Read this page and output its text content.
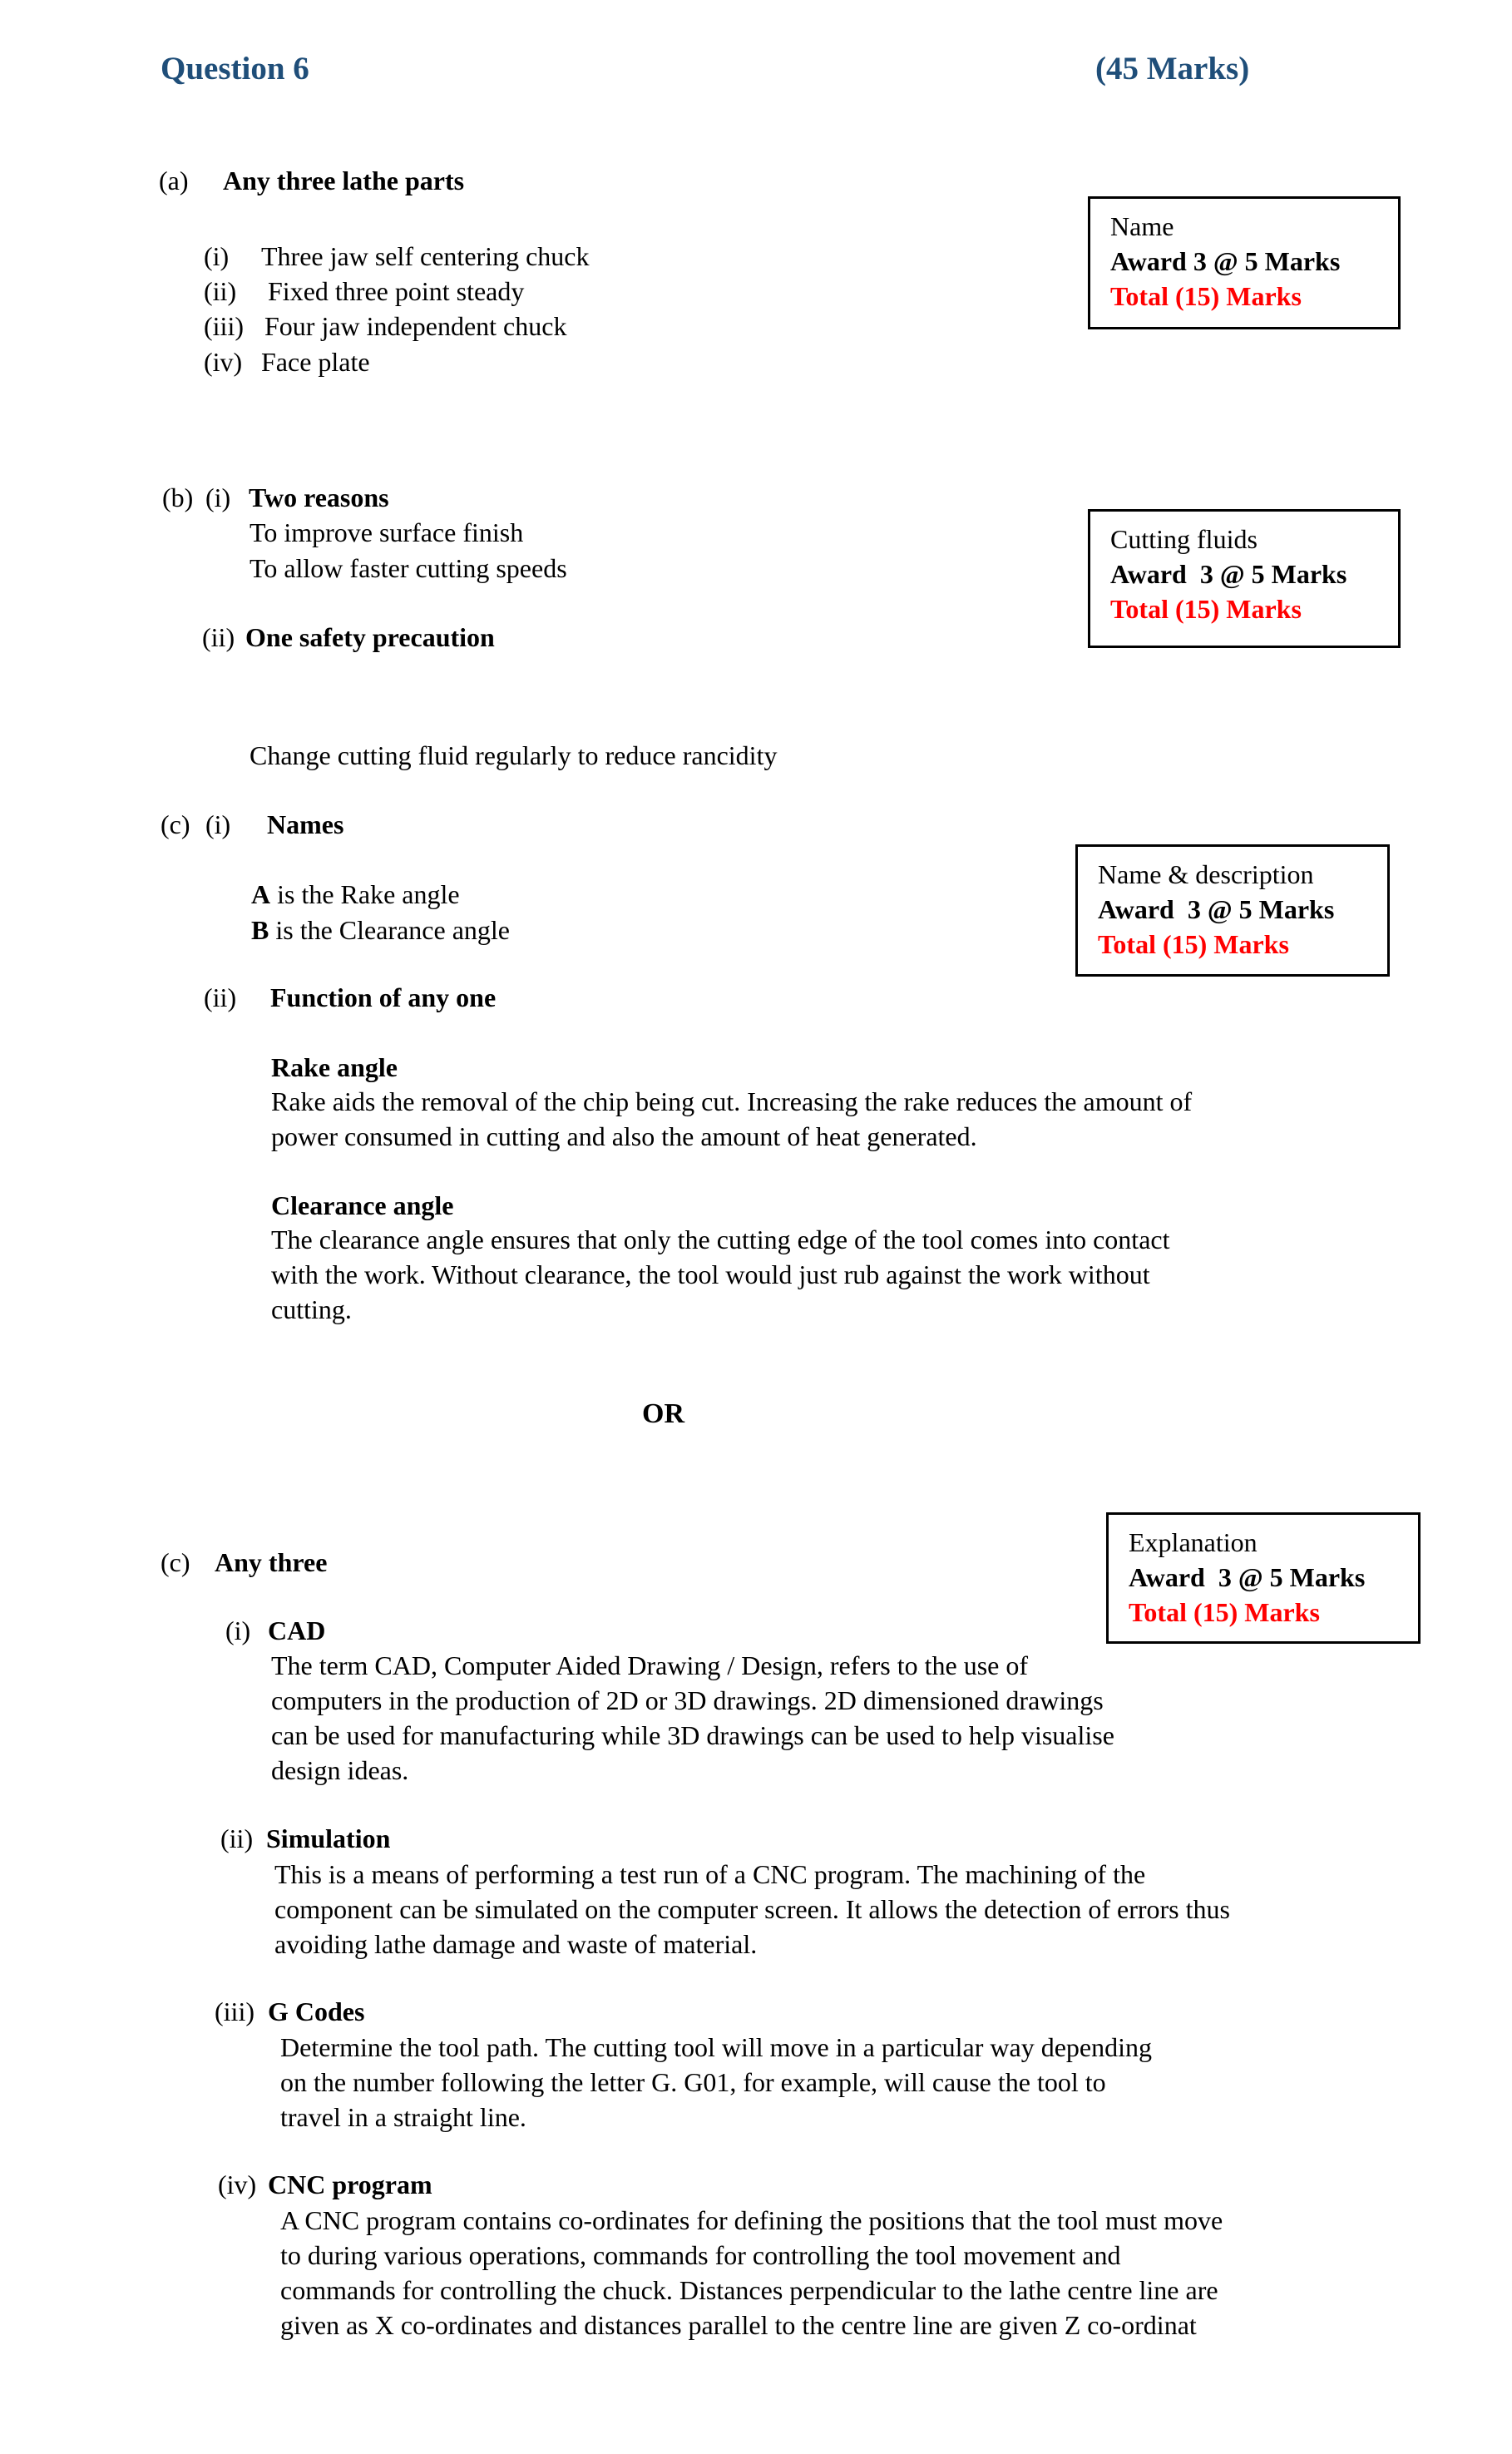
Question 6	(45 Marks)
(a) Any three lathe parts
(i) Three jaw self centering chuck
(ii) Fixed three point steady
(iii) Four jaw independent chuck
(iv) Face plate
Name
Award 3 @ 5 Marks
Total (15) Marks
(b) (i) Two reasons
To improve surface finish
To allow faster cutting speeds
(ii) One safety precaution
Cutting fluids
Award  3 @ 5 Marks
Total (15) Marks
Change cutting fluid regularly to reduce rancidity
(c) (i) Names
Name & description
Award  3 @ 5 Marks
Total (15) Marks
A is the Rake angle
B is the Clearance angle
(ii) Function of any one
Rake angle
Rake aids the removal of the chip being cut. Increasing the rake reduces the amount of power consumed in cutting and also the amount of heat generated.
Clearance angle
The clearance angle ensures that only the cutting edge of the tool comes into contact with the work. Without clearance, the tool would just rub against the work without cutting.
OR
Explanation
Award  3 @ 5 Marks
Total (15) Marks
(c) Any three
(i) CAD
The term CAD, Computer Aided Drawing / Design, refers to the use of computers in the production of 2D or 3D drawings. 2D dimensioned drawings can be used for manufacturing while 3D drawings can be used to help visualise design ideas.
(ii) Simulation
This is a means of performing a test run of a CNC program. The machining of the component can be simulated on the computer screen. It allows the detection of errors thus avoiding lathe damage and waste of material.
(iii) G Codes
Determine the tool path. The cutting tool will move in a particular way depending on the number following the letter G. G01, for example, will cause the tool to travel in a straight line.
(iv) CNC program
A CNC program contains co-ordinates for defining the positions that the tool must move to during various operations, commands for controlling the tool movement and commands for controlling the chuck. Distances perpendicular to the lathe centre line are given as X co-ordinates and distances parallel to the centre line are given Z co-ordinat
